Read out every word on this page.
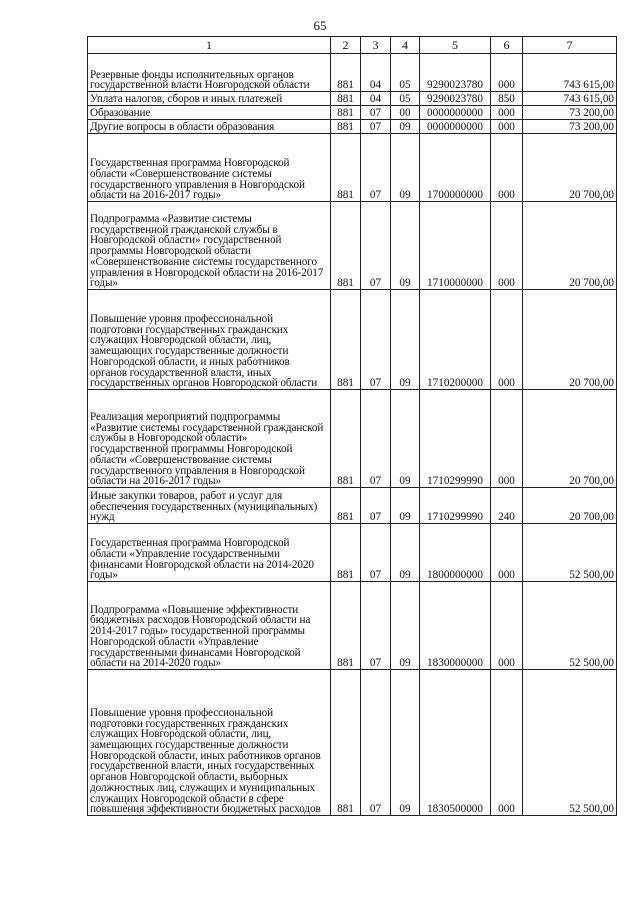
65
1	2	3	4	5	6	7
Резервные фонды исполнительных органов государственной власти Новгородской области	881	04	05	9290023780	000	743 615,00
Уплата налогов, сборов и иных платежей	881	04	05	9290023780	850	743 615,00
Образование	881	07	00	0000000000	000	73 200,00
Другие вопросы в области образования	881	07	09	0000000000	000	73 200,00
Государственная программа Новгородской области «Совершенствование системы государственного управления в Новгородской области на 2016-2017 годы»	881	07	09	1700000000	000	20 700,00
Подпрограмма «Развитие системы государственной гражданской службы в Новгородской области» государственной программы Новгородской области «Совершенствование системы государственного управления в Новгородской области на 2016-2017 годы»	881	07	09	1710000000	000	20 700,00
Повышение уровня профессиональной подготовки государственных гражданских служащих Новгородской области, лиц, замещающих государственные должности Новгородской области, и иных работников органов государственной власти, иных государственных органов Новгородской области	881	07	09	1710200000	000	20 700,00
Реализация мероприятий подпрограммы «Развитие системы государственной гражданской службы в Новгородской области» государственной программы Новгородской области «Совершенствование системы государственного управления в Новгородской области на 2016-2017 годы»	881	07	09	1710299990	000	20 700,00
Иные закупки товаров, работ и услуг для обеспечения государственных (муниципальных) нужд	881	07	09	1710299990	240	20 700,00
Государственная программа Новгородской области «Управление государственными финансами Новгородской области на 2014-2020 годы»	881	07	09	1800000000	000	52 500,00
Подпрограмма «Повышение эффективности бюджетных расходов Новгородской области на 2014-2017 годы» государственной программы Новгородской области «Управление государственными финансами Новгородской области на 2014-2020 годы»	881	07	09	1830000000	000	52 500,00
Повышение уровня профессиональной подготовки государственных гражданских служащих Новгородской области, лиц, замещающих государственные должности Новгородской области, иных работников органов государственной власти, иных государственных органов Новгородской области, выборных должностных лиц, служащих и муниципальных служащих Новгородской области в сфере повышения эффективности бюджетных расходов	881	07	09	1830500000	000	52 500,00
